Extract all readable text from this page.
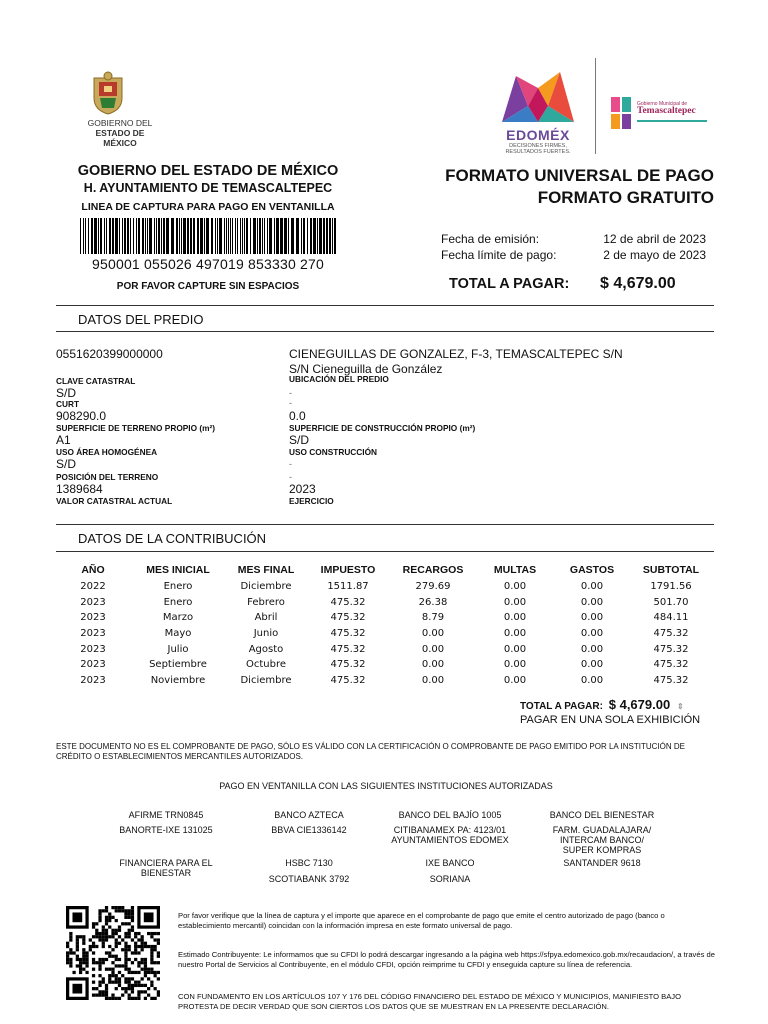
GOBIERNO DEL
ESTADO DE MÉXICO	EDOMÉX
DECISIONES FIRMES,
RESULTADOS FUERTES.
Gobierno Municipal de
Temascaltepec
GOBIERNO DEL ESTADO DE MÉXICO
H. AYUNTAMIENTO DE TEMASCALTEPEC
LINEA DE CAPTURA PARA PAGO EN VENTANILLA
950001 055026 497019 853330 270
POR FAVOR CAPTURE SIN ESPACIOS
FORMATO UNIVERSAL DE PAGO
FORMATO GRATUITO
Fecha de emisión:	12 de abril de 2023
Fecha límite de pago:	2 de mayo de 2023
TOTAL A PAGAR: $ 4,679.00
DATOS DEL PREDIO
0551620399000000	CIENEGUILLAS DE GONZALEZ, F-3, TEMASCALTEPEC S/N
S/N Cieneguilla de González
CLAVE CATASTRAL	UBICACIÓN DEL PREDIO
S/D	-
CURT	-
908290.0	0.0
SUPERFICIE DE TERRENO PROPIO (m²)	SUPERFICIE DE CONSTRUCCIÓN PROPIO (m²)
A1	S/D
USO ÁREA HOMOGÉNEA	USO CONSTRUCCIÓN
S/D	-
POSICIÓN DEL TERRENO	-
1389684	2023
VALOR CATASTRAL ACTUAL	EJERCICIO
DATOS DE LA CONTRIBUCIÓN
AÑO	MES INICIAL	MES FINAL	IMPUESTO	RECARGOS	MULTAS	GASTOS	SUBTOTAL
2022	Enero	Diciembre	1511.87	279.69	0.00	0.00	1791.56
2023	Enero	Febrero	475.32	26.38	0.00	0.00	501.70
2023	Marzo	Abril	475.32	8.79	0.00	0.00	484.11
2023	Mayo	Junio	475.32	0.00	0.00	0.00	475.32
2023	Julio	Agosto	475.32	0.00	0.00	0.00	475.32
2023	Septiembre	Octubre	475.32	0.00	0.00	0.00	475.32
2023	Noviembre	Diciembre	475.32	0.00	0.00	0.00	475.32
TOTAL A PAGAR: $ 4,679.00 ⇕
PAGAR EN UNA SOLA EXHIBICIÓN
ESTE DOCUMENTO NO ES EL COMPROBANTE DE PAGO, SÓLO ES VÁLIDO CON LA CERTIFICACIÓN O COMPROBANTE DE PAGO EMITIDO POR LA INSTITUCIÓN DE CRÉDITO O ESTABLECIMIENTOS MERCANTILES AUTORIZADOS.
PAGO EN VENTANILLA CON LAS SIGUIENTES INSTITUCIONES AUTORIZADAS
AFIRME TRN0845
BANORTE-IXE 131025
FINANCIERA PARA EL BIENESTAR
BANCO AZTECA
BBVA CIE1336142
HSBC 7130
SCOTIABANK 3792
BANCO DEL BAJÍO 1005
CITIBANAMEX PA: 4123/01 AYUNTAMIENTOS EDOMEX
IXE BANCO
SORIANA
BANCO DEL BIENESTAR
FARM. GUADALAJARA/ INTERCAM BANCO/ SUPER KOMPRAS
SANTANDER 9618
Por favor verifique que la línea de captura y el importe que aparece en el comprobante de pago que emite el centro autorizado de pago (banco o establecimiento mercantil) coincidan con la información impresa en este formato universal de pago.
Estimado Contribuyente: Le informamos que su CFDI lo podrá descargar ingresando a la página web https://sfpya.edomexico.gob.mx/recaudacion/, a través de nuestro Portal de Servicios al Contribuyente, en el módulo CFDI, opción reimprime tu CFDI y enseguida capture su línea de referencia.
CON FUNDAMENTO EN LOS ARTÍCULOS 107 Y 176 DEL CÓDIGO FINANCIERO DEL ESTADO DE MÉXICO Y MUNICIPIOS, MANIFIESTO BAJO PROTESTA DE DECIR VERDAD QUE SON CIERTOS LOS DATOS QUE SE MUESTRAN EN LA PRESENTE DECLARACIÓN.
